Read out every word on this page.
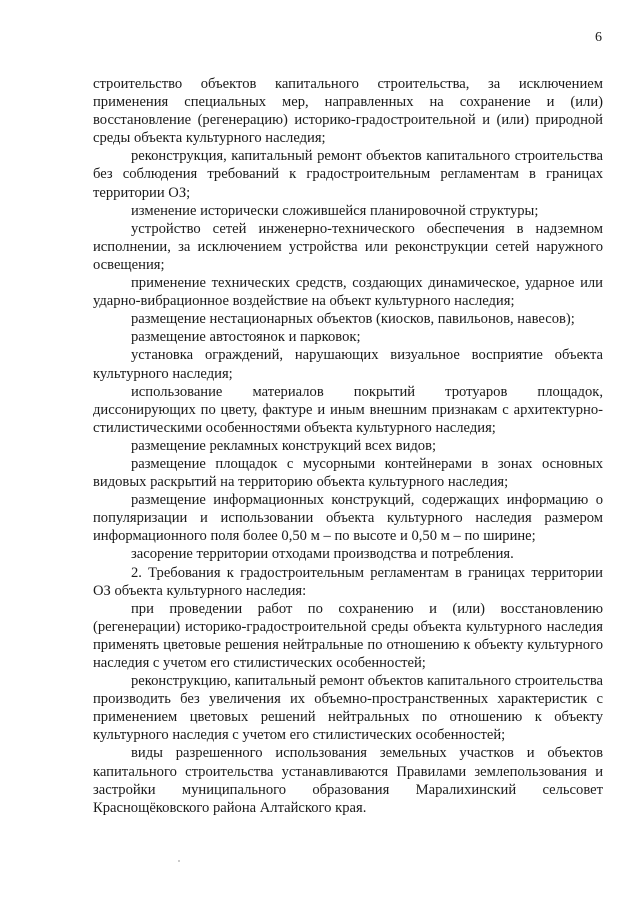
6

строительство объектов капитального строительства, за исключением применения специальных мер, направленных на сохранение и (или) восстановление (регенерацию) историко-градостроительной и (или) природной среды объекта культурного наследия;

реконструкция, капитальный ремонт объектов капитального строительства без соблюдения требований к градостроительным регламентам в границах территории ОЗ;

изменение исторически сложившейся планировочной структуры;

устройство сетей инженерно-технического обеспечения в надземном исполнении, за исключением устройства или реконструкции сетей наружного освещения;

применение технических средств, создающих динамическое, ударное или ударно-вибрационное воздействие на объект культурного наследия;

размещение нестационарных объектов (киосков, павильонов, навесов);

размещение автостоянок и парковок;

установка ограждений, нарушающих визуальное восприятие объекта культурного наследия;

использование материалов покрытий тротуаров площадок, диссонирующих по цвету, фактуре и иным внешним признакам с архитектурно-стилистическими особенностями объекта культурного наследия;

размещение рекламных конструкций всех видов;

размещение площадок с мусорными контейнерами в зонах основных видовых раскрытий на территорию объекта культурного наследия;

размещение информационных конструкций, содержащих информацию о популяризации и использовании объекта культурного наследия размером информационного поля более 0,50 м – по высоте и 0,50 м – по ширине;

засорение территории отходами производства и потребления.

2. Требования к градостроительным регламентам в границах территории ОЗ объекта культурного наследия:

при проведении работ по сохранению и (или) восстановлению (регенерации) историко-градостроительной среды объекта культурного наследия применять цветовые решения нейтральные по отношению к объекту культурного наследия с учетом его стилистических особенностей;

реконструкцию, капитальный ремонт объектов капитального строительства производить без увеличения их объемно-пространственных характеристик с применением цветовых решений нейтральных по отношению к объекту культурного наследия с учетом его стилистических особенностей;

виды разрешенного использования земельных участков и объектов капитального строительства устанавливаются Правилами землепользования и застройки муниципального образования Маралихинский сельсовет Краснощёковского района Алтайского края.
